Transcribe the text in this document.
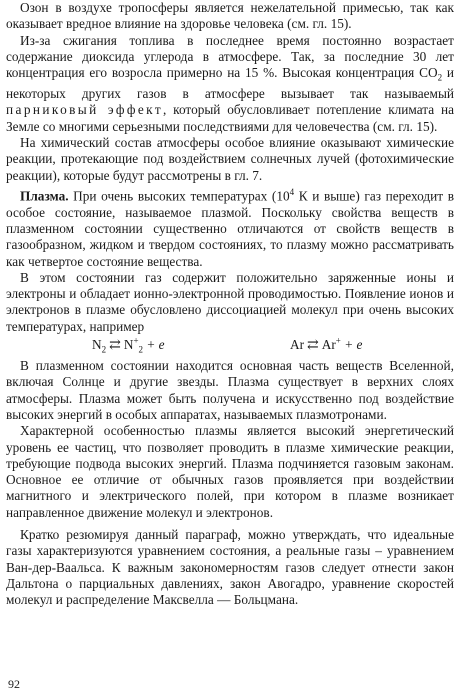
Озон в воздухе тропосферы является нежелательной примесью, так как оказывает вредное влияние на здоровье человека (см. гл. 15).

Из-за сжигания топлива в последнее время постоянно возрастает содержание диоксида углерода в атмосфере. Так, за последние 30 лет концентрация его возрослa примерно на 15 %. Высокая концентрация $CO_2$ и некоторых других газов в атмосфере вызывает так называемый парниковый эффект, который обусловливает потепление климата на Земле со многими серьезными последствиями для человечества (см. гл. 15).

На химический состав атмосферы особое влияние оказывают химические реакции, протекающие под воздействием солнечных лучей (фотохимические реакции), которые будут рассмотрены в гл. 7.

Плазма. При очень высоких температурах ($10^4$ К и выше) газ переходит в особое состояние, называемое плазмой. Поскольку свойства веществ в плазменном состоянии существенно отличаются от свойств веществ в газообразном, жидком и твердом состояниях, то плазму можно рассматривать как четвертое состояние вещества.

В этом состоянии газ содержит положительно заряженные ионы и электроны и обладает ионно-электронной проводимостью. Появление ионов и электронов в плазме обусловлено диссоциацией молекул при очень высоких температурах, например

$N_2$ ⇄ $N^+_2 + e$	Ar ⇄ Ar+ + e

В плазменном состоянии находится основная часть веществ Вселенной, включая Солнце и другие звезды. Плазма существует в верхних слоях атмосферы. Плазма может быть получена и искусственно под воздействие высоких энергий в особых аппаратах, называемых плазмотронами.

Характерной особенностью плазмы является высокий энергетический уровень ее частиц, что позволяет проводить в плазме химические реакции, требующие подвода высоких энергий. Плазма подчиняется газовым законам. Основное ее отличие от обычных газов проявляется при воздействии магнитного и электрического полей, при котором в плазме возникает направленное движение молекул и электронов.

Кратко резюмируя данный параграф, можно утверждать, что идеальные газы характеризуются уравнением состояния, а реальные газы – уравнением Ван-дер-Ваальса. К важным закономерностям газов следует отнести закон Дальтона о парциальных давлениях, закон Авогадро, уравнение скоростей молекул и распределение Максвелла — Больцмана.

92
